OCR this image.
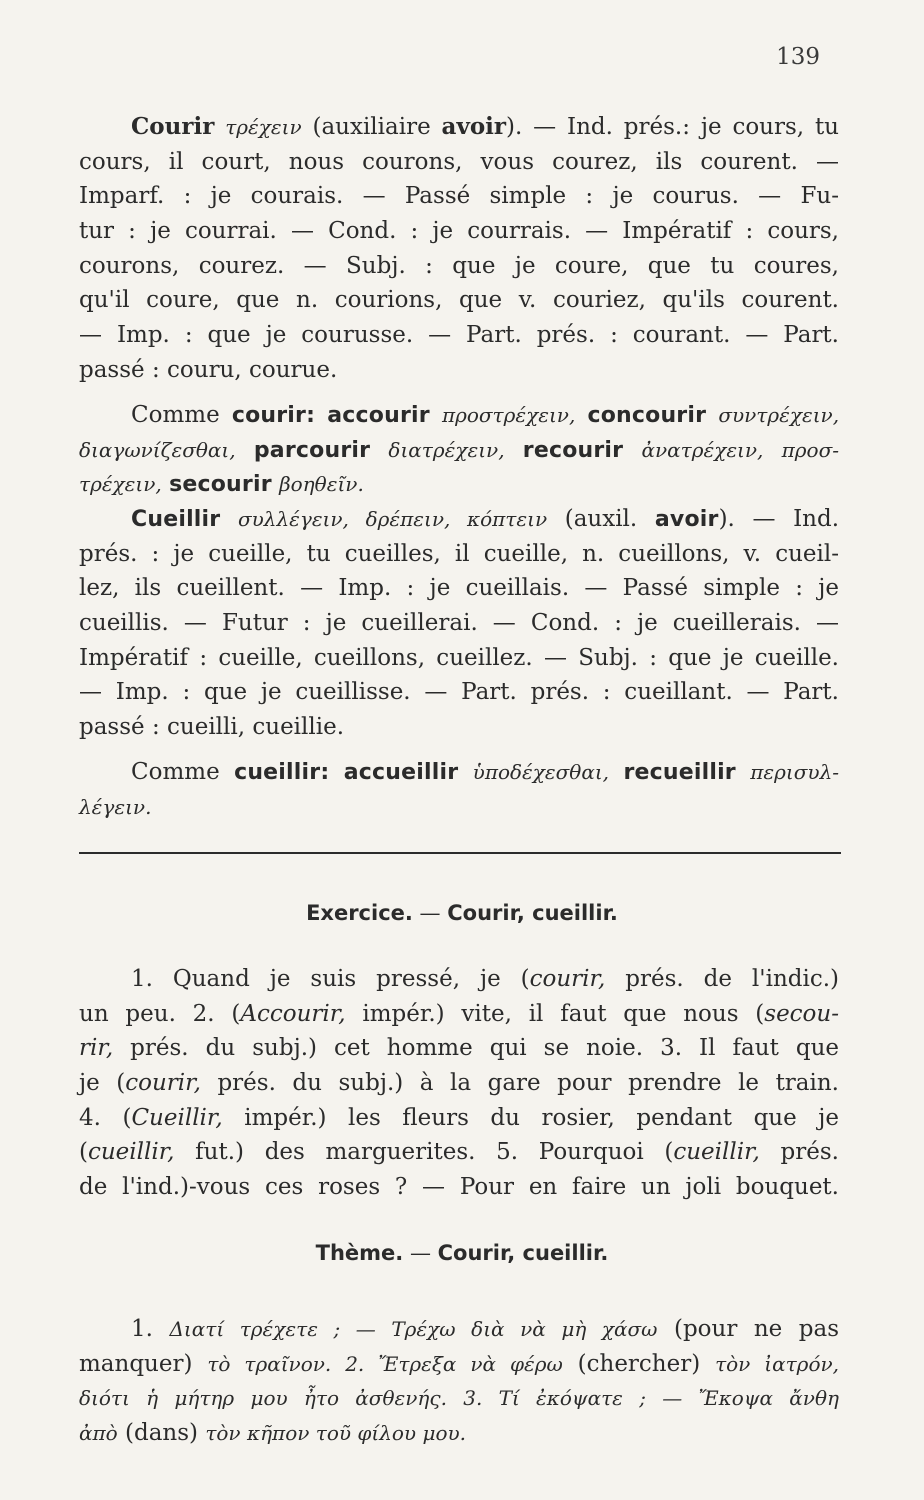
139
Courir τρέχειν (auxiliaire avoir). — Ind. prés.: je cours, tu
cours, il court, nous courons, vous courez, ils courent. —
Imparf. : je courais. — Passé simple : je courus. — Fu-
tur : je courrai. — Cond. : je courrais. — Impératif : cours,
courons, courez. — Subj. : que je coure, que tu coures,
qu'il coure, que n. courions, que v. couriez, qu'ils courent.
— Imp. : que je courusse. — Part. prés. : courant. — Part.
passé : couru, courue.
Comme courir: accourir προστρέχειν, concourir συντρέχειν,
διαγωνίζεσθαι, parcourir διατρέχειν, recourir ἀνατρέχειν, προσ-
τρέχειν, secourir βοηθεῖν.
Cueillir συλλέγειν, δρέπειν, κόπτειν (auxil. avoir). — Ind.
prés. : je cueille, tu cueilles, il cueille, n. cueillons, v. cueil-
lez, ils cueillent. — Imp. : je cueillais. — Passé simple : je
cueillis. — Futur : je cueillerai. — Cond. : je cueillerais. —
Impératif : cueille, cueillons, cueillez. — Subj. : que je cueille.
— Imp. : que je cueillisse. — Part. prés. : cueillant. — Part.
passé : cueilli, cueillie.
Comme cueillir: accueillir ὑποδέχεσθαι, recueillir περισυλ-
λέγειν.
Exercice. — Courir, cueillir.
1. Quand je suis pressé, je (courir, prés. de l'indic.)
un peu. 2. (Accourir, impér.) vite, il faut que nous (secou-
rir, prés. du subj.) cet homme qui se noie. 3. Il faut que
je (courir, prés. du subj.) à la gare pour prendre le train.
4. (Cueillir, impér.) les fleurs du rosier, pendant que je
(cueillir, fut.) des marguerites. 5. Pourquoi (cueillir, prés.
de l'ind.)-vous ces roses ? — Pour en faire un joli bouquet.
Thème. — Courir, cueillir.
1. Διατί τρέχετε ; — Τρέχω διὰ νὰ μὴ χάσω (pour ne pas
manquer) τὸ τραῖνον. 2. Ἔτρεξα νὰ φέρω (chercher) τὸν ἰατρόν,
διότι ἡ μήτηρ μου ἦτο ἀσθενής. 3. Τί ἐκόψατε ; — Ἔκοψα ἄνθη
ἀπὸ (dans) τὸν κῆπον τοῦ φίλου μου.
